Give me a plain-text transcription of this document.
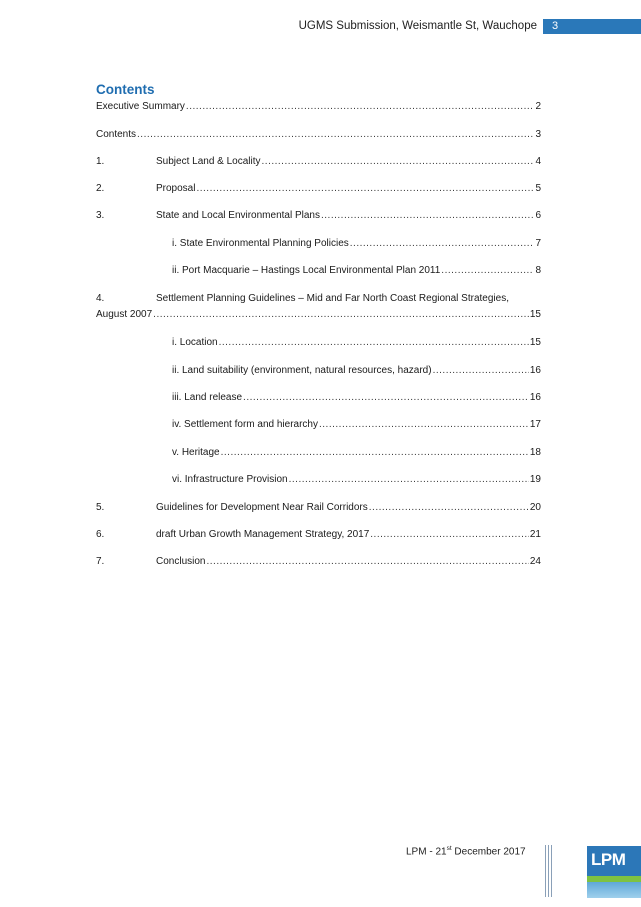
UGMS Submission, Weismantle St, Wauchope	3
Contents
Executive Summary .....	2
Contents .....	3
1.	Subject Land & Locality .....	4
2.	Proposal .....	5
3.	State and Local Environmental Plans .....	6
i. State Environmental Planning Policies .....	7
ii. Port Macquarie – Hastings Local Environmental Plan 2011 .....	8
4.	Settlement Planning Guidelines – Mid and Far North Coast Regional Strategies,
August 2007 .....	15
i. Location .....	15
ii. Land suitability (environment, natural resources, hazard) .....	16
iii. Land release .....	16
iv. Settlement form and hierarchy .....	17
v. Heritage .....	18
vi. Infrastructure Provision .....	19
5.	Guidelines for Development Near Rail Corridors .....	20
6.	draft Urban Growth Management Strategy, 2017 .....	21
7.	Conclusion .....	24
LPM - 21st December 2017	LPM
